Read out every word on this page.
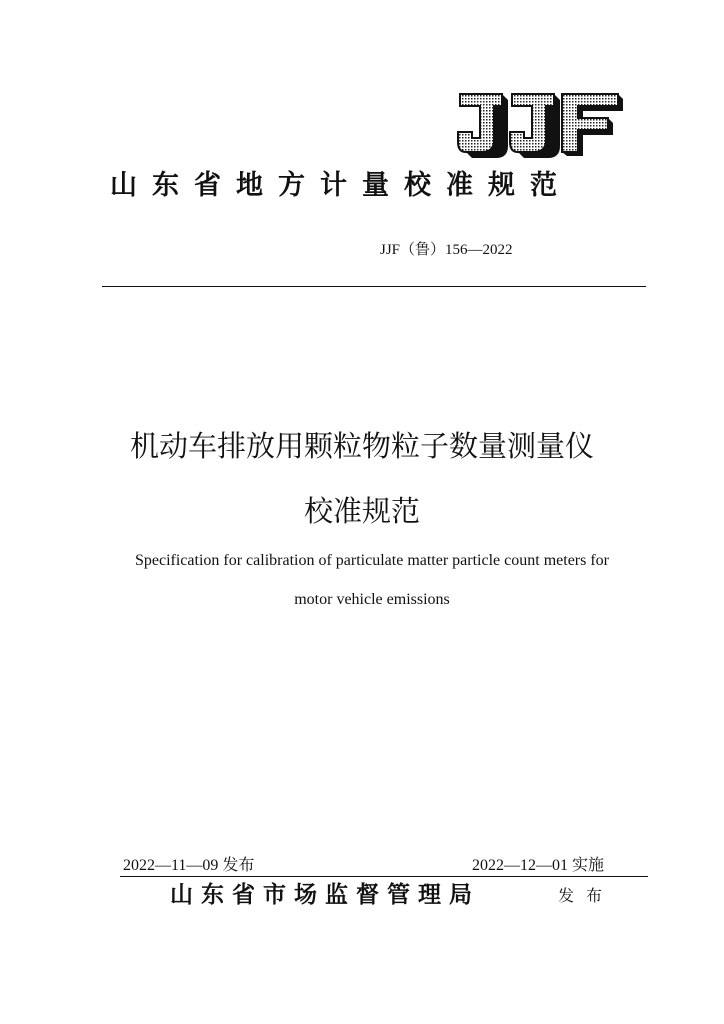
山东省地方计量校准规范
JJF（鲁）156—2022
机动车排放用颗粒物粒子数量测量仪
校准规范
Specification for calibration of particulate matter particle count meters for
motor vehicle emissions
2022—11—09 发布	2022—12—01 实施
山东省市场监督管理局	发布
